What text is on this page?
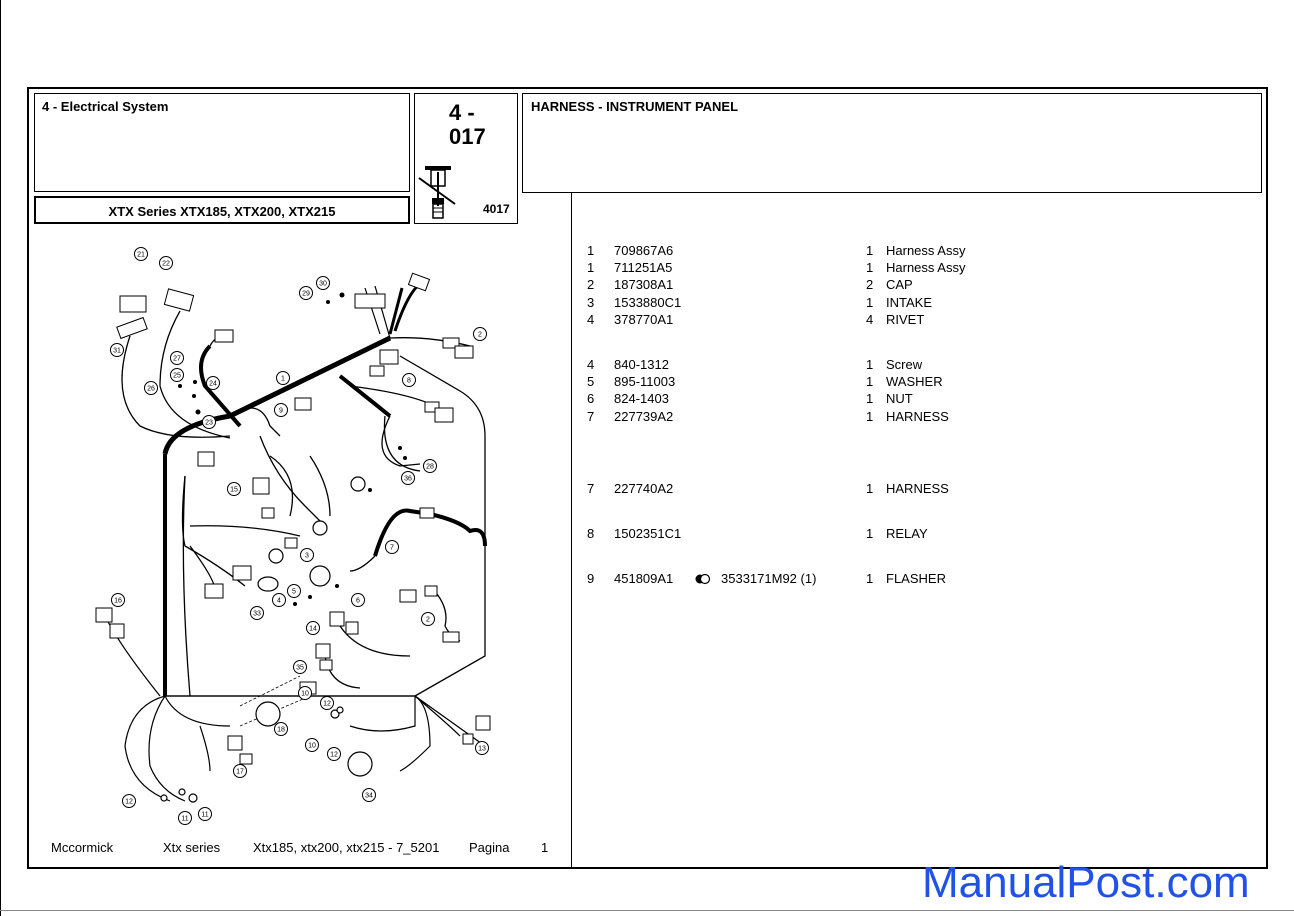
4 - Electrical System
XTX Series XTX185, XTX200, XTX215
4 -
017
4017
HARNESS - INSTRUMENT PANEL
1 709867A6	1 Harness Assy
1 711251A5	1 Harness Assy
2 187308A1	2 CAP
3 1533880C1	1 INTAKE
4 378770A1	4 RIVET
4 840-1312	1 Screw
5 895-11003	1 WASHER
6 824-1403	1 NUT
7 227739A2	1 HARNESS
7 227740A2	1 HARNESS
8 1502351C1	1 RELAY
9 451809A1	3533171M92 (1)	1 FLASHER
21
22
31
27
25
24
26
23
30
29
2
8
1
9
28
36
15
7
3
5
6
4
33
2
14
16
35
10
12
18
10
12
13
17
12
11
11
34
Mccormick	Xtx series	Xtx185, xtx200, xtx215 - 7_5201 Pagina 1
ManualPost.com
